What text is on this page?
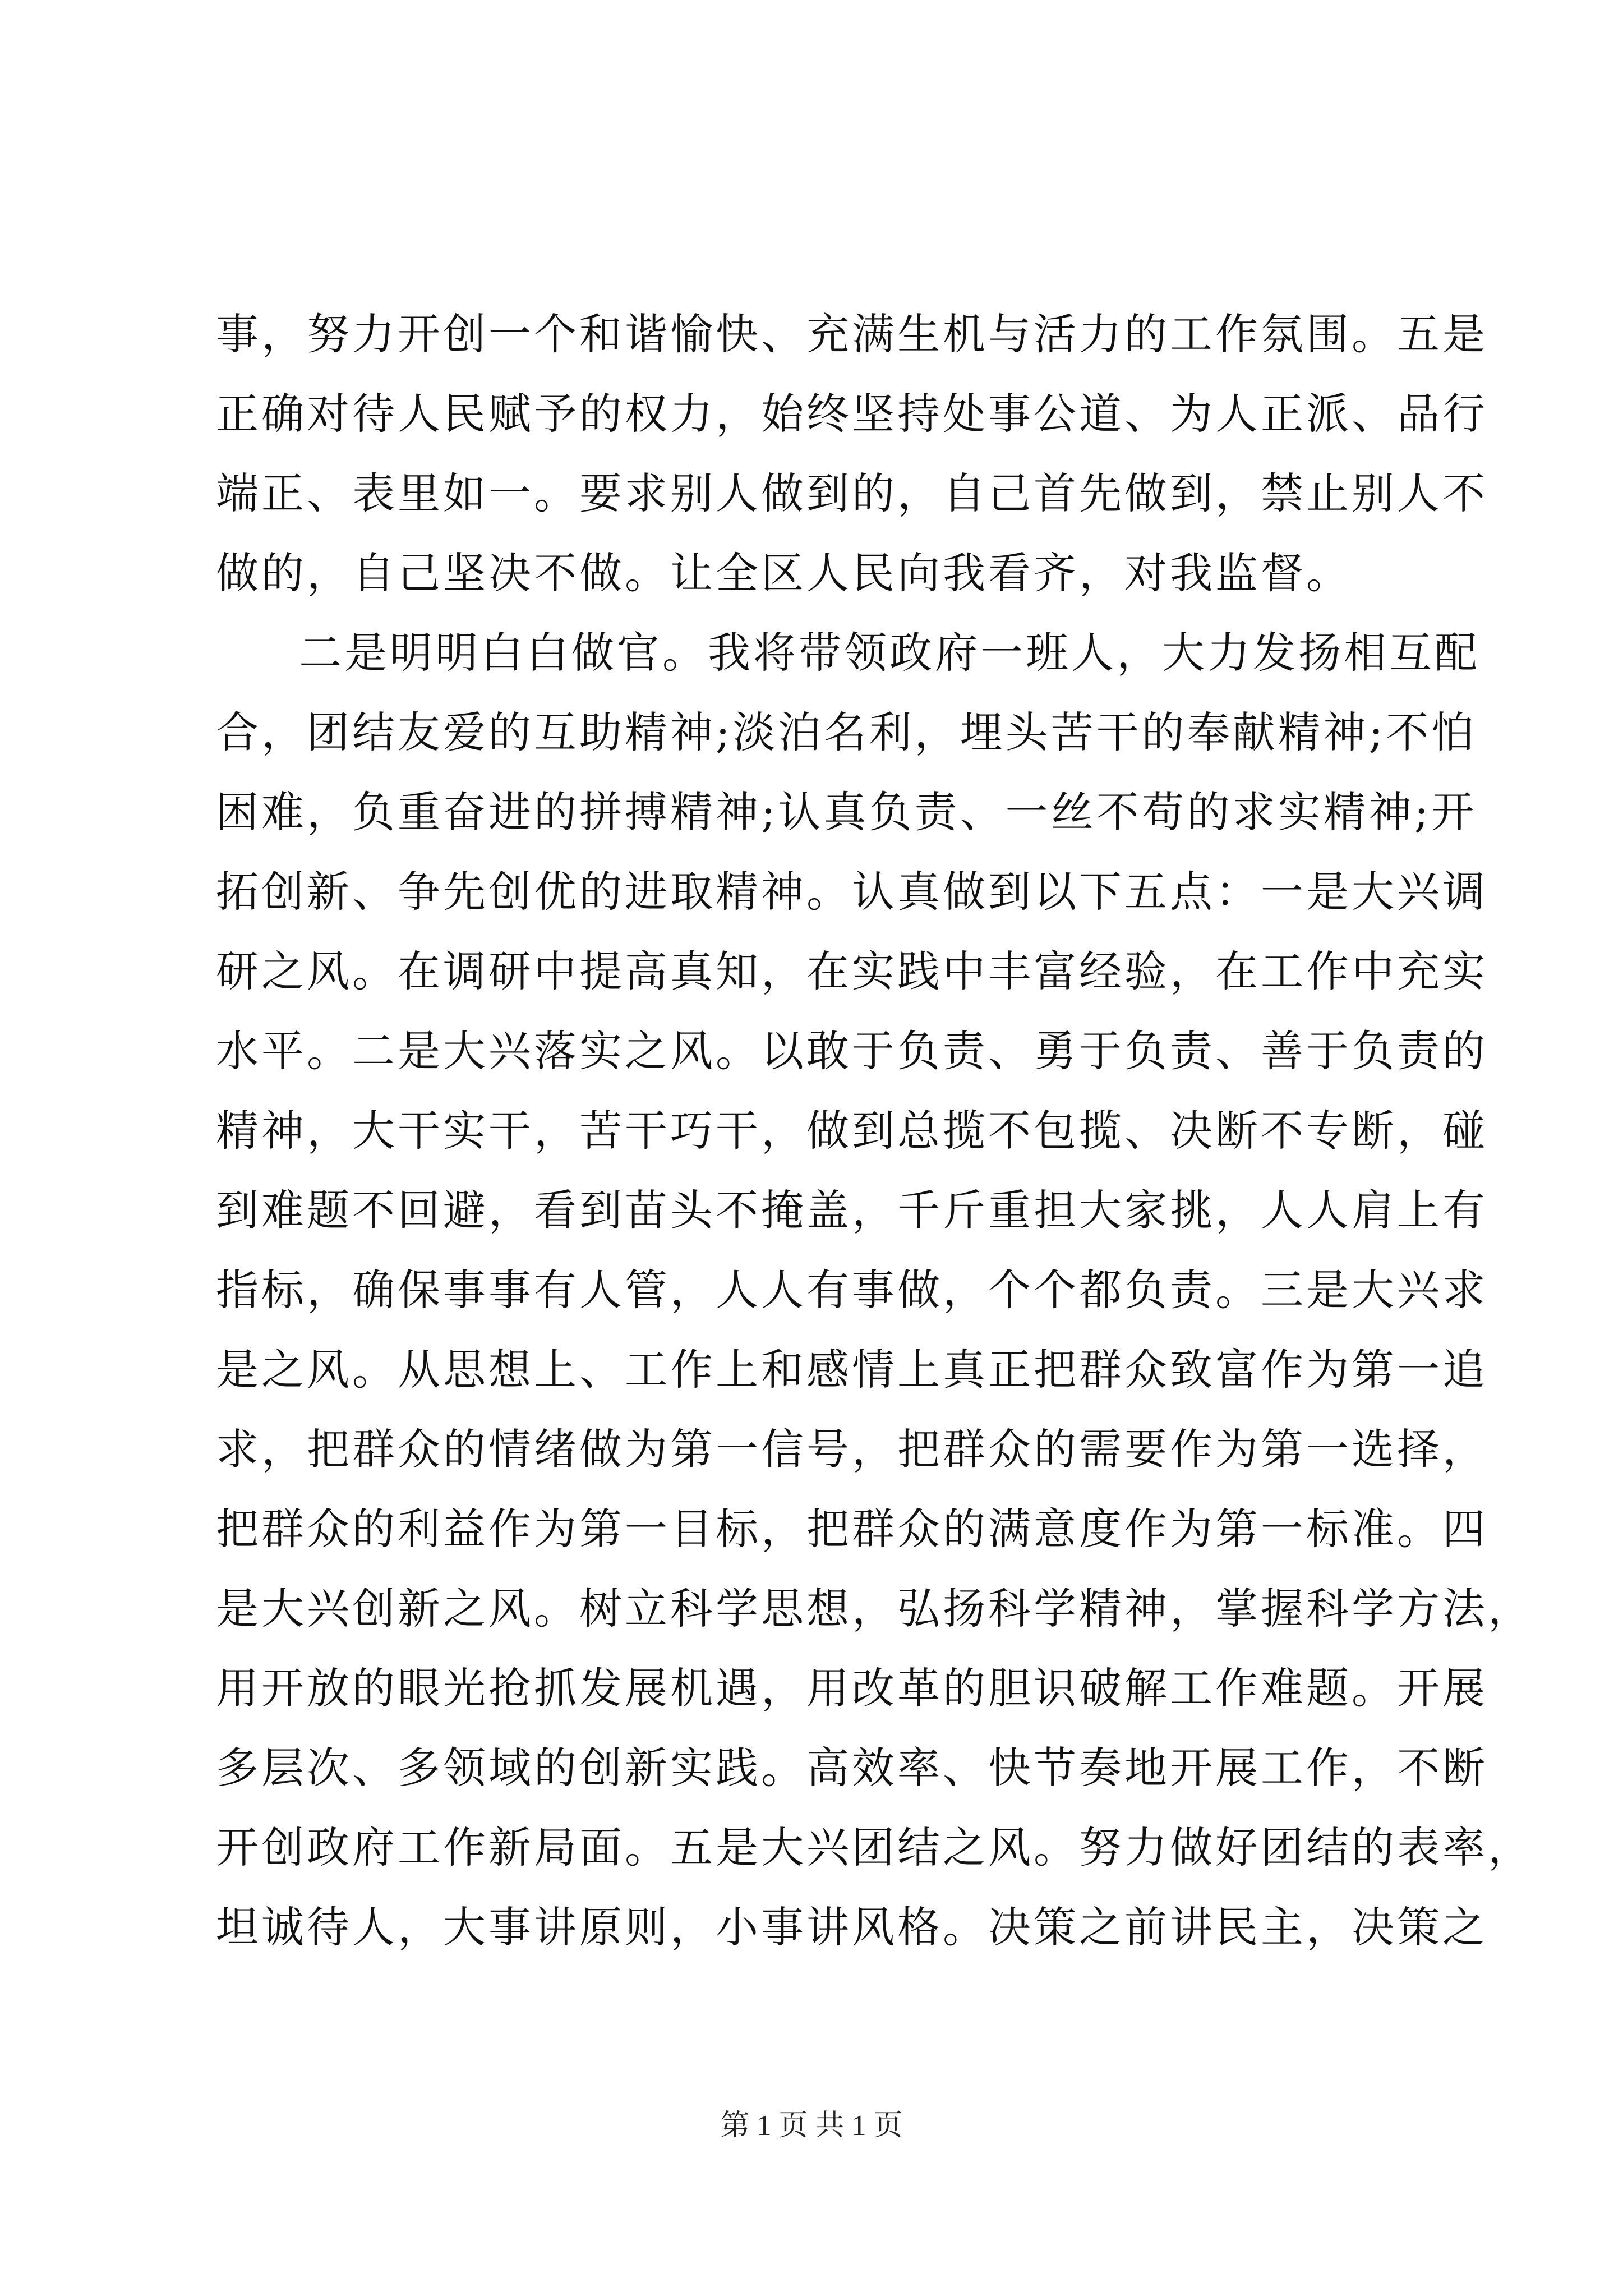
事，努力开创一个和谐愉快、充满生机与活力的工作氛围。五是
正确对待人民赋予的权力，始终坚持处事公道、为人正派、品行
端正、表里如一。要求别人做到的，自己首先做到，禁止别人不
做的，自己坚决不做。让全区人民向我看齐，对我监督。
二是明明白白做官。我将带领政府一班人，大力发扬相互配
合，团结友爱的互助精神;淡泊名利，埋头苦干的奉献精神;不怕
困难，负重奋进的拼搏精神;认真负责、一丝不苟的求实精神;开
拓创新、争先创优的进取精神。认真做到以下五点：一是大兴调
研之风。在调研中提高真知，在实践中丰富经验，在工作中充实
水平。二是大兴落实之风。以敢于负责、勇于负责、善于负责的
精神，大干实干，苦干巧干，做到总揽不包揽、决断不专断，碰
到难题不回避，看到苗头不掩盖，千斤重担大家挑，人人肩上有
指标，确保事事有人管，人人有事做，个个都负责。三是大兴求
是之风。从思想上、工作上和感情上真正把群众致富作为第一追
求，把群众的情绪做为第一信号，把群众的需要作为第一选择，
把群众的利益作为第一目标，把群众的满意度作为第一标准。四
是大兴创新之风。树立科学思想，弘扬科学精神，掌握科学方法，
用开放的眼光抢抓发展机遇，用改革的胆识破解工作难题。开展
多层次、多领域的创新实践。高效率、快节奏地开展工作，不断
开创政府工作新局面。五是大兴团结之风。努力做好团结的表率，
坦诚待人，大事讲原则，小事讲风格。决策之前讲民主，决策之
第 1 页 共 1 页
